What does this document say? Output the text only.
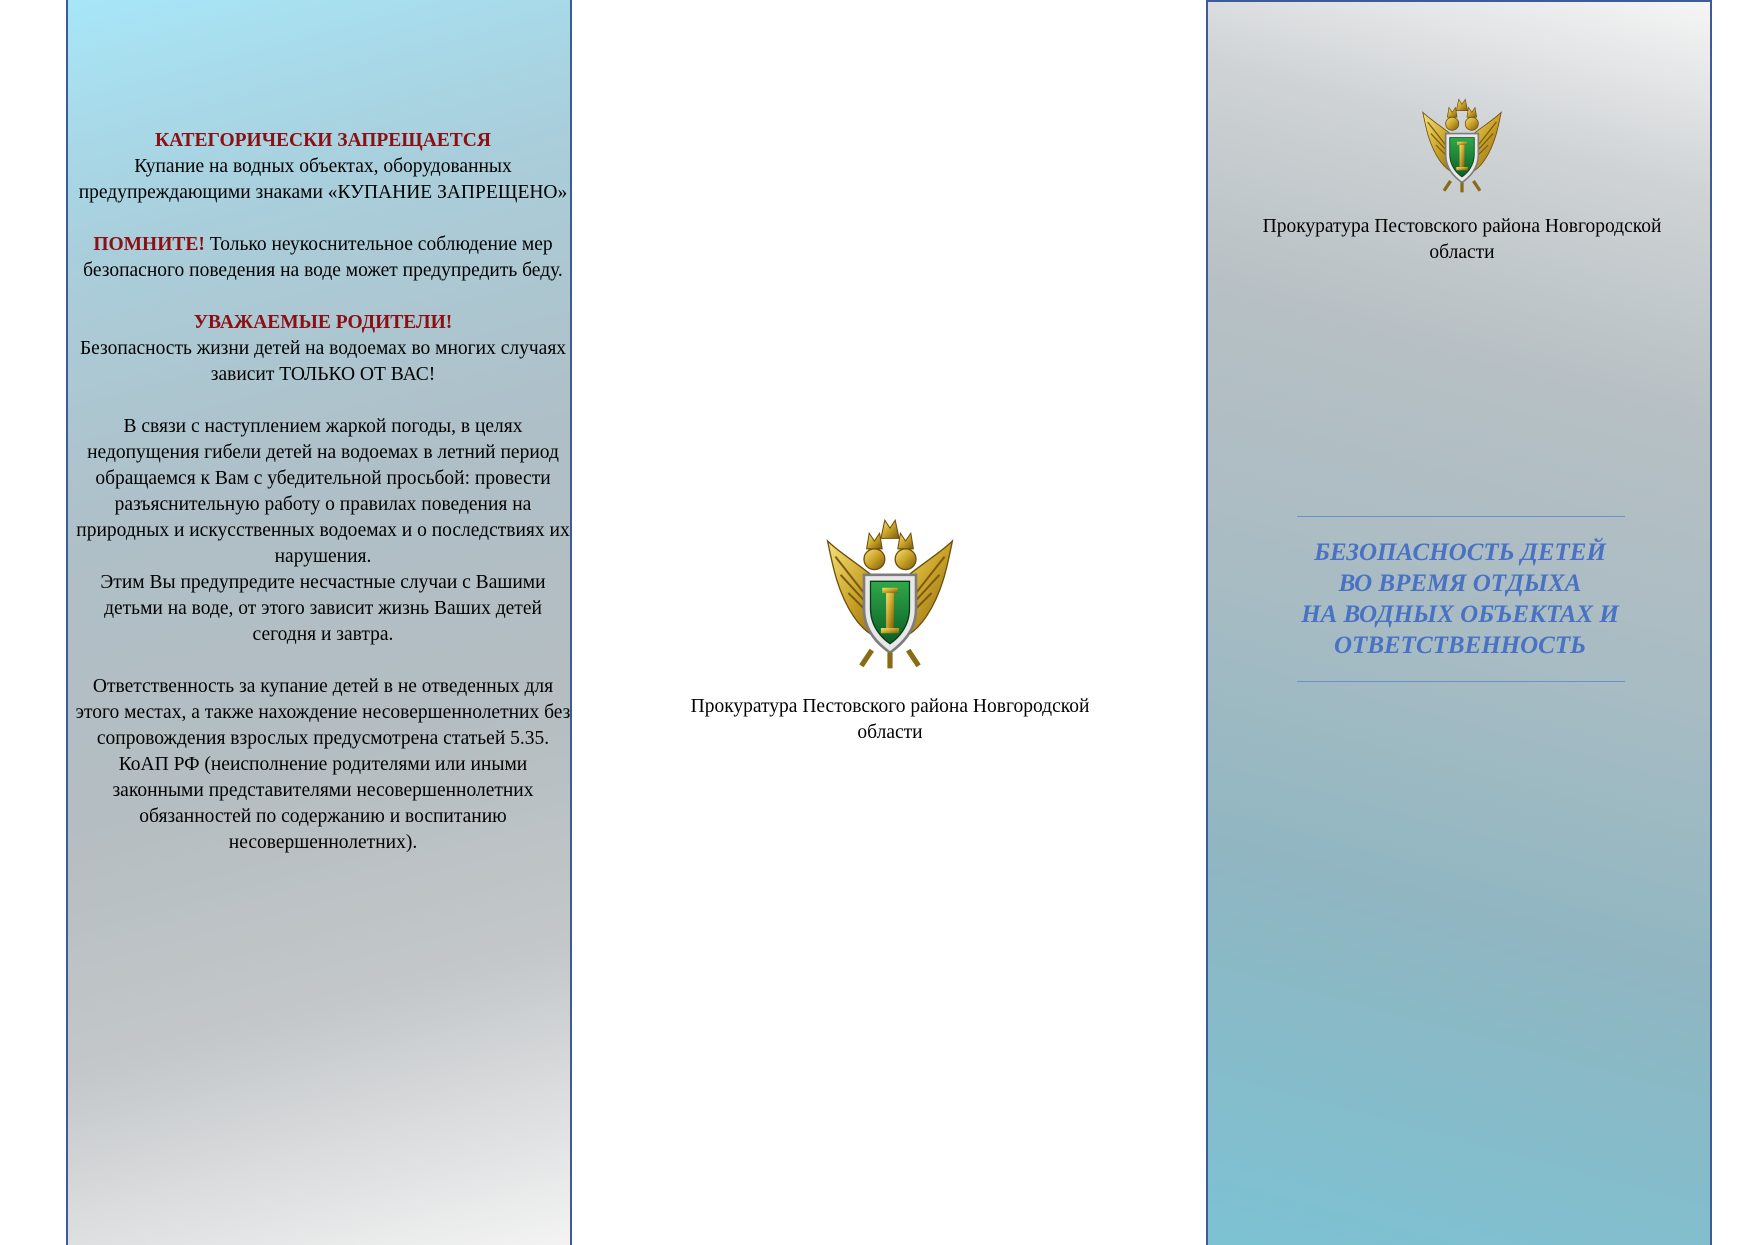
КАТЕГОРИЧЕСКИ ЗАПРЕЩАЕТСЯ
Купание на водных объектах, оборудованных предупреждающими знаками «КУПАНИЕ ЗАПРЕЩЕНО»

ПОМНИТЕ! Только неукоснительное соблюдение мер безопасного поведения на воде может предупредить беду.

УВАЖАЕМЫЕ РОДИТЕЛИ!
Безопасность жизни детей на водоемах во многих случаях зависит ТОЛЬКО ОТ ВАС!

В связи с наступлением жаркой погоды, в целях недопущения гибели детей на водоемах в летний период обращаемся к Вам с убедительной просьбой: провести разъяснительную работу о правилах поведения на природных и искусственных водоемах и о последствиях их нарушения.

Этим Вы предупредите несчастные случаи с Вашими детьми на воде, от этого зависит жизнь Ваших детей сегодня и завтра.

Ответственность за купание детей в не отведенных для этого местах, а также нахождение несовершеннолетних без сопровождения взрослых предусмотрена статьей 5.35. КоАП РФ (неисполнение родителями или иными законными представителями несовершеннолетних обязанностей по содержанию и воспитанию несовершеннолетних).

Прокуратура Пестовского района Новгородской области
Прокуратура Пестовского района Новгородской области
БЕЗОПАСНОСТЬ ДЕТЕЙ
ВО ВРЕМЯ ОТДЫХА
НА ВОДНЫХ ОБЪЕКТАХ И
ОТВЕТСТВЕННОСТЬ
